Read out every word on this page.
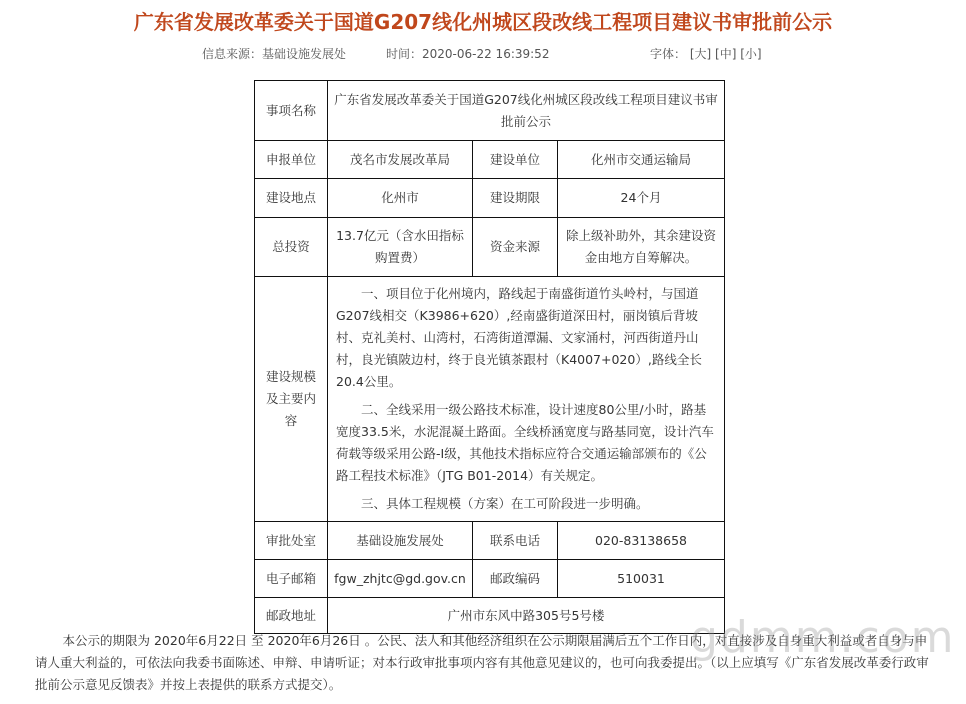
广东省发展改革委关于国道G207线化州城区段改线工程项目建议书审批前公示
信息来源：基础设施发展处	时间：2020-06-22 16:39:52	字体： [大] [中] [小]
事项名称	广东省发展改革委关于国道G207线化州城区段改线工程项目建议书审批前公示		
申报单位	茂名市发展改革局	建设单位	化州市交通运输局
建设地点	化州市	建设期限	24个月
总投资	13.7亿元（含水田指标购置费）	资金来源	除上级补助外，其余建设资金由地方自筹解决。
建设规模及主要内容	一、项目位于化州境内，路线起于南盛街道竹头岭村，与国道G207线相交（K3986+620）,经南盛街道深田村，丽岗镇后背坡村、克礼美村、山湾村，石湾街道潭漏、文家涌村，河西街道丹山村，良光镇陂边村，终于良光镇茶跟村（K4007+020）,路线全长20.4公里。

二、全线采用一级公路技术标准，设计速度80公里/小时，路基宽度33.5米，水泥混凝土路面。全线桥涵宽度与路基同宽，设计汽车荷载等级采用公路-I级，其他技术指标应符合交通运输部颁布的《公路工程技术标准》（JTG B01-2014）有关规定。

三、具体工程规模（方案）在工可阶段进一步明确。		

审批处室	基础设施发展处	联系电话	020-83138658
电子邮箱	fgw_zhjtc@gd.gov.cn	邮政编码	510031
邮政地址	广州市东风中路305号5号楼		

本公示的期限为 2020年6月22日 至 2020年6月26日 。公民、法人和其他经济组织在公示期限届满后五个工作日内，对直接涉及自身重大利益或者自身与申请人重大利益的，可依法向我委书面陈述、申辩、申请听证；对本行政审批事项内容有其他意见建议的，也可向我委提出。（以上应填写《广东省发展改革委行政审批前公示意见反馈表》并按上表提供的联系方式提交）。

gdmm.com
